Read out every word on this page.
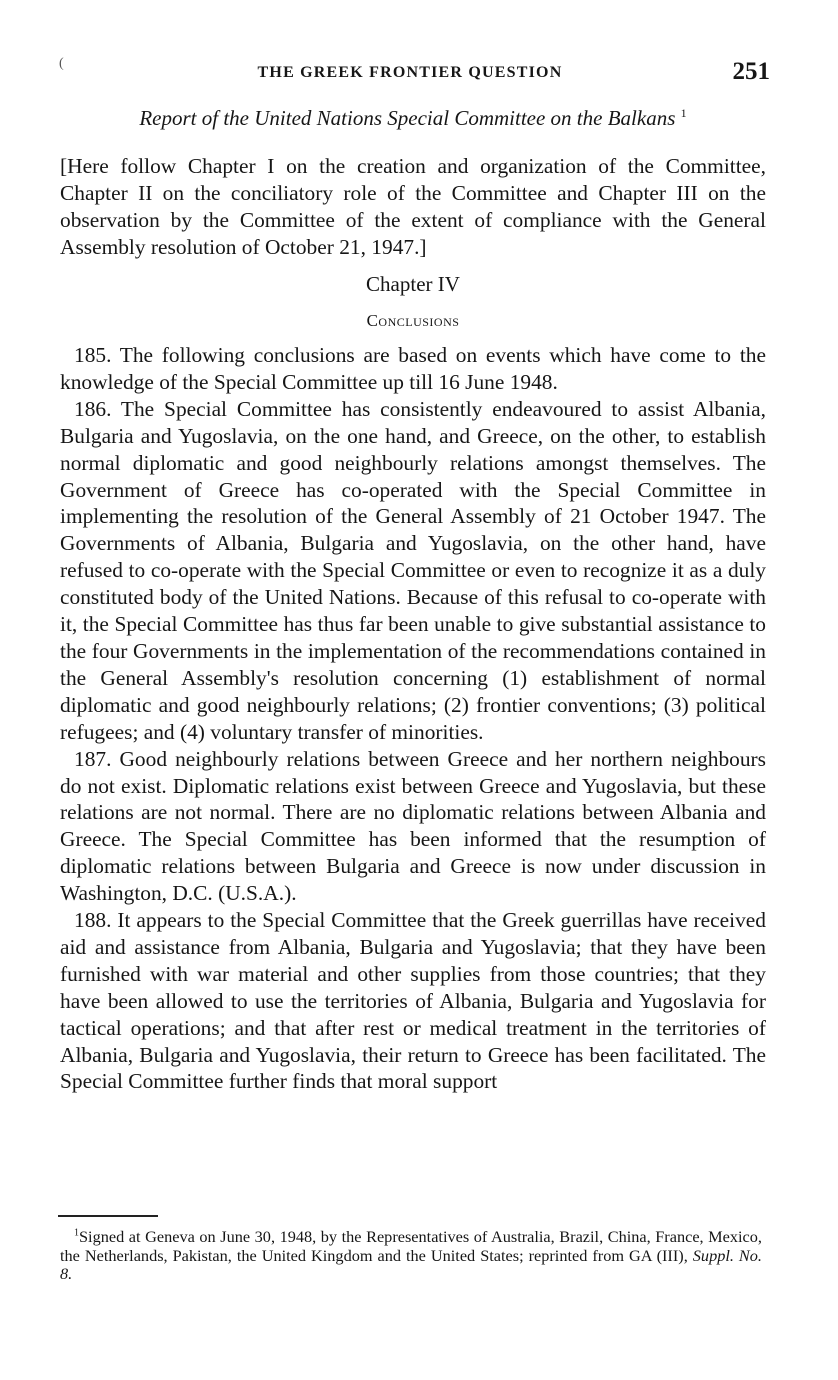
(
THE GREEK FRONTIER QUESTION	251
Report of the United Nations Special Committee on the Balkans $^1$
[Here follow Chapter I on the creation and organization of the Committee, Chapter II on the conciliatory role of the Committee and Chapter III on the observation by the Committee of the extent of compliance with the General Assembly resolution of October 21, 1947.]
Chapter IV
Conclusions

185. The following conclusions are based on events which have come to the knowledge of the Special Committee up till 16 June 1948.

186. The Special Committee has consistently endeavoured to assist Albania, Bulgaria and Yugoslavia, on the one hand, and Greece, on the other, to establish normal diplomatic and good neighbourly relations amongst themselves. The Government of Greece has co-operated with the Special Committee in implementing the resolution of the General Assembly of 21 October 1947. The Governments of Albania, Bulgaria and Yugoslavia, on the other hand, have refused to co-operate with the Special Committee or even to recognize it as a duly constituted body of the United Nations. Because of this refusal to co-operate with it, the Special Committee has thus far been unable to give substantial assistance to the four Governments in the implementation of the recommendations contained in the General Assembly's resolution concerning (1) establishment of normal diplomatic and good neighbourly relations; (2) frontier conventions; (3) political refugees; and (4) voluntary transfer of minorities.

187. Good neighbourly relations between Greece and her northern neighbours do not exist. Diplomatic relations exist between Greece and Yugoslavia, but these relations are not normal. There are no diplomatic relations between Albania and Greece. The Special Committee has been informed that the resumption of diplomatic relations between Bulgaria and Greece is now under discussion in Washington, D.C. (U.S.A.).

188. It appears to the Special Committee that the Greek guerrillas have received aid and assistance from Albania, Bulgaria and Yugoslavia; that they have been furnished with war material and other supplies from those countries; that they have been allowed to use the territories of Albania, Bulgaria and Yugoslavia for tactical operations; and that after rest or medical treatment in the territories of Albania, Bulgaria and Yugoslavia, their return to Greece has been facilitated. The Special Committee further finds that moral support

$^1$Signed at Geneva on June 30, 1948, by the Representatives of Australia, Brazil, China, France, Mexico, the Netherlands, Pakistan, the United Kingdom and the United States; reprinted from GA (III), Suppl. No. 8.
